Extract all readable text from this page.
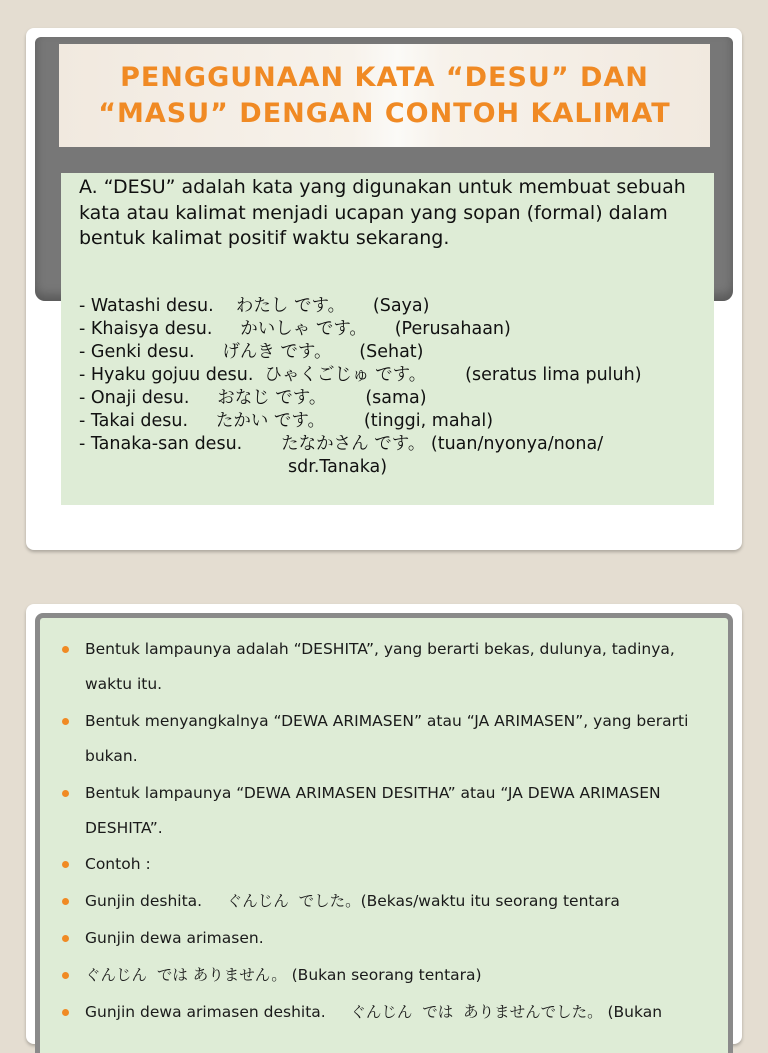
PENGGUNAAN KATA “DESU” DAN “MASU” DENGAN CONTOH KALIMAT

A. “DESU” adalah kata yang digunakan untuk membuat sebuah kata atau kalimat menjadi ucapan yang sopan (formal) dalam bentuk kalimat positif waktu sekarang.

- Watashi desu.    わたし です。     (Saya)
- Khaisya desu.     かいしゃ です。     (Perusahaan)
- Genki desu.     げんき です。     (Sehat)
- Hyaku gojuu desu.  ひゃくごじゅ です。       (seratus lima puluh)
- Onaji desu.     おなじ です。       (sama)
- Takai desu.     たかい です。       (tinggi, mahal)
- Tanaka-san desu.       たなかさん です。 (tuan/nyonya/nona/
sdr.Tanaka)
Bentuk lampaunya adalah “DESHITA”, yang berarti bekas, dulunya, tadinya, waktu itu.
Bentuk menyangkalnya “DEWA ARIMASEN” atau “JA ARIMASEN”, yang berarti bukan.
Bentuk lampaunya “DEWA ARIMASEN DESITHA” atau “JA DEWA ARIMASEN DESHITA”.
Contoh :
Gunjin deshita.     ぐんじん  でした。(Bekas/waktu itu seorang tentara
Gunjin dewa arimasen.
ぐんじん  では ありません。 (Bukan seorang tentara)
Gunjin dewa arimasen deshita.     ぐんじん  では  ありませんでした。 (Bukan
